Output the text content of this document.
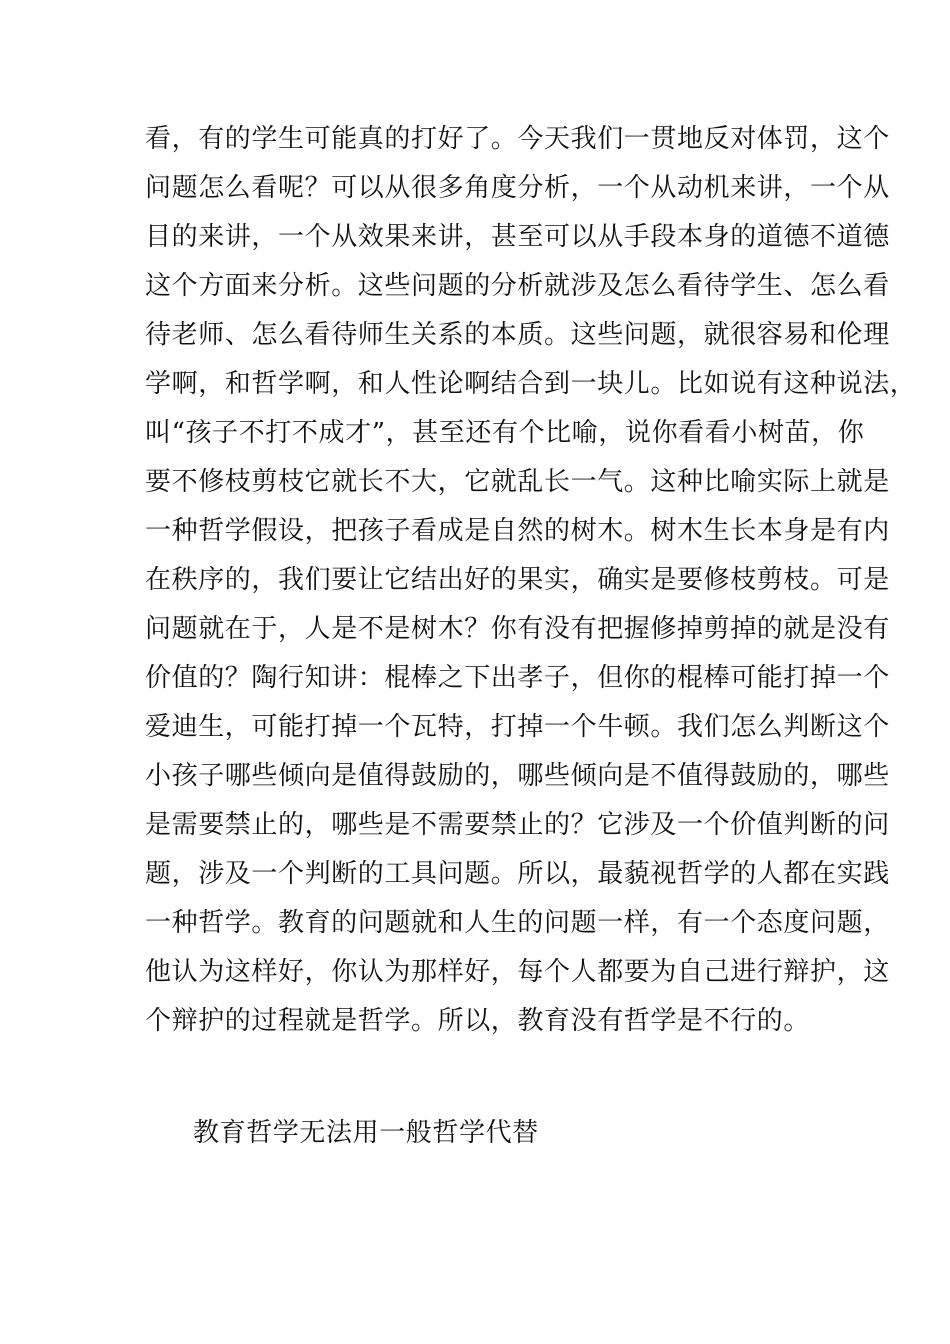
看，有的学生可能真的打好了。今天我们一贯地反对体罚，这个
问题怎么看呢？可以从很多角度分析，一个从动机来讲，一个从
目的来讲，一个从效果来讲，甚至可以从手段本身的道德不道德
这个方面来分析。这些问题的分析就涉及怎么看待学生、怎么看
待老师、怎么看待师生关系的本质。这些问题，就很容易和伦理
学啊，和哲学啊，和人性论啊结合到一块儿。比如说有这种说法，
叫“孩子不打不成才”，甚至还有个比喻，说你看看小树苗，你
要不修枝剪枝它就长不大，它就乱长一气。这种比喻实际上就是
一种哲学假设，把孩子看成是自然的树木。树木生长本身是有内
在秩序的，我们要让它结出好的果实，确实是要修枝剪枝。可是
问题就在于，人是不是树木？你有没有把握修掉剪掉的就是没有
价值的？陶行知讲：棍棒之下出孝子，但你的棍棒可能打掉一个
爱迪生，可能打掉一个瓦特，打掉一个牛顿。我们怎么判断这个
小孩子哪些倾向是值得鼓励的，哪些倾向是不值得鼓励的，哪些
是需要禁止的，哪些是不需要禁止的？它涉及一个价值判断的问
题，涉及一个判断的工具问题。所以，最藐视哲学的人都在实践
一种哲学。教育的问题就和人生的问题一样，有一个态度问题，
他认为这样好，你认为那样好，每个人都要为自己进行辩护，这
个辩护的过程就是哲学。所以，教育没有哲学是不行的。
教育哲学无法用一般哲学代替
